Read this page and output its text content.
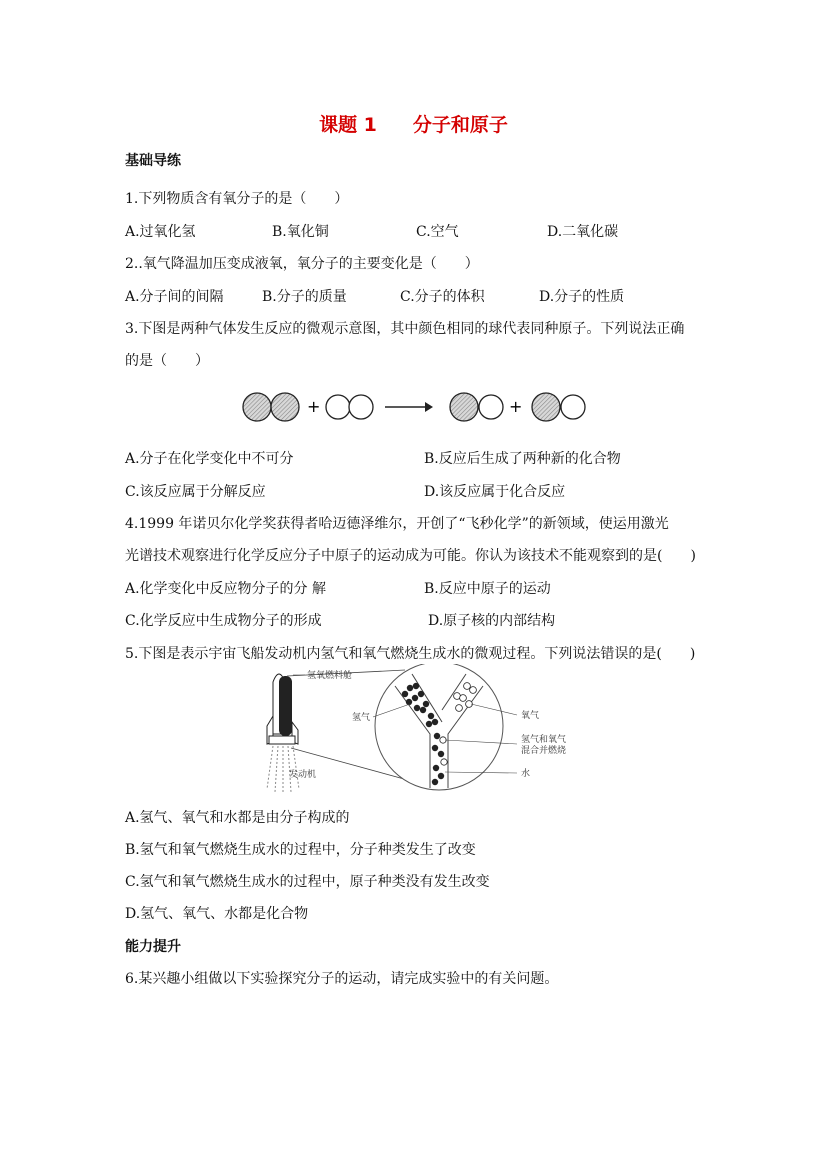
课题 1 分子和原子
基础导练
1.下列物质含有氧分子的是（　　）
A.过氧化氢	B.氧化铜	C.空气	D.二氧化碳
2..氧气降温加压变成液氧，氧分子的主要变化是（　　）
A.分子间的间隔	B.分子的质量	C.分子的体积	D.分子的性质
3.下图是两种气体发生反应的微观示意图，其中颜色相同的球代表同种原子。下列说法正确
的是（　　）
+	+
A.分子在化学变化中不可分	B.反应后生成了两种新的化合物
C.该反应属于分解反应	D.该反应属于化合反应
4.1999 年诺贝尔化学奖获得者哈迈德泽维尔，开创了“飞秒化学”的新领域，使运用激光
光谱技术观察进行化学反应分子中原子的运动成为可能。你认为该技术不能观察到的是(　　)
A.化学变化中反应物分子的分 解	B.反应中原子的运动
C.化学反应中生成物分子的形成	D.原子核的内部结构
5.下图是表示宇宙飞船发动机内氢气和氧气燃烧生成水的微观过程。下列说法错误的是(　　)
氢氧燃料舱
发动机
氢气	氧气
氢气和氧气
混合并燃烧
水
A.氢气、氧气和水都是由分子构成的
B.氢气和氧气燃烧生成水的过程中，分子种类发生了改变
C.氢气和氧气燃烧生成水的过程中，原子种类没有发生改变
D.氢气、氧气、水都是化合物
能力提升
6.某兴趣小组做以下实验探究分子的运动，请完成实验中的有关问题。
